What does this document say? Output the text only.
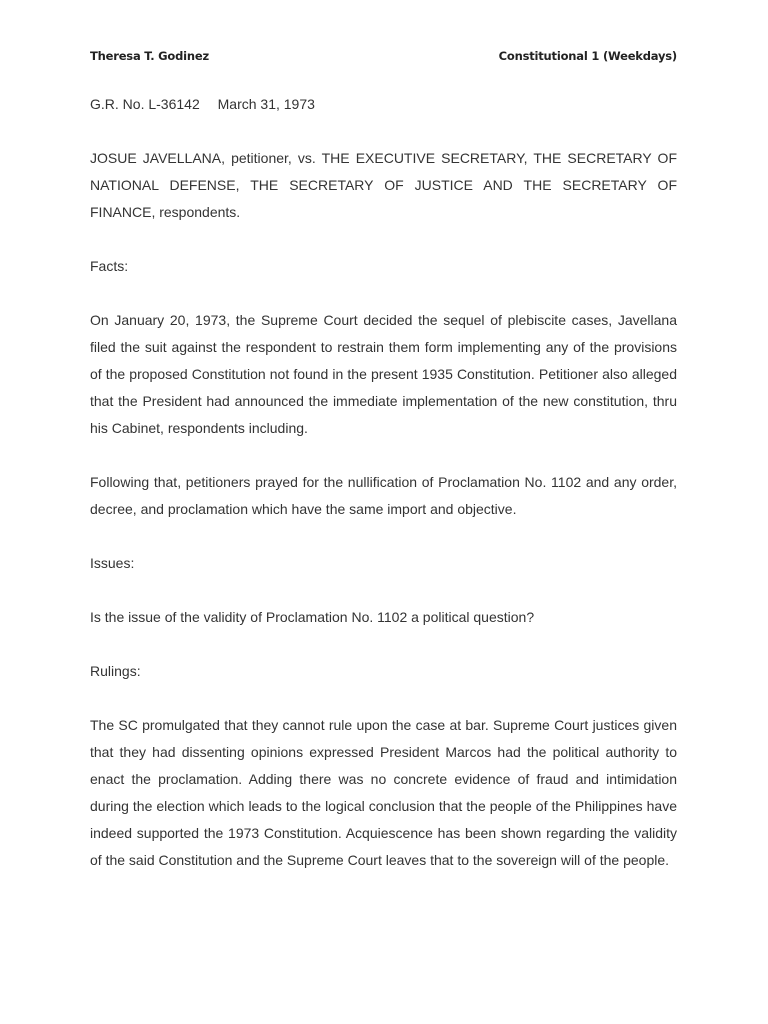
Theresa T. Godinez	Constitutional 1 (Weekdays)

G.R. No. L-36142 March 31, 1973

JOSUE JAVELLANA, petitioner, vs. THE EXECUTIVE SECRETARY, THE SECRETARY OF NATIONAL DEFENSE, THE SECRETARY OF JUSTICE AND THE SECRETARY OF FINANCE, respondents.

Facts:

On January 20, 1973, the Supreme Court decided the sequel of plebiscite cases, Javellana filed the suit against the respondent to restrain them form implementing any of the provisions of the proposed Constitution not found in the present 1935 Constitution. Petitioner also alleged that the President had announced the immediate implementation of the new constitution, thru his Cabinet, respondents including.

Following that, petitioners prayed for the nullification of Proclamation No. 1102 and any order, decree, and proclamation which have the same import and objective.

Issues:

Is the issue of the validity of Proclamation No. 1102 a political question?

Rulings:

The SC promulgated that they cannot rule upon the case at bar. Supreme Court justices given that they had dissenting opinions expressed President Marcos had the political authority to enact the proclamation. Adding there was no concrete evidence of fraud and intimidation during the election which leads to the logical conclusion that the people of the Philippines have indeed supported the 1973 Constitution. Acquiescence has been shown regarding the validity of the said Constitution and the Supreme Court leaves that to the sovereign will of the people.
